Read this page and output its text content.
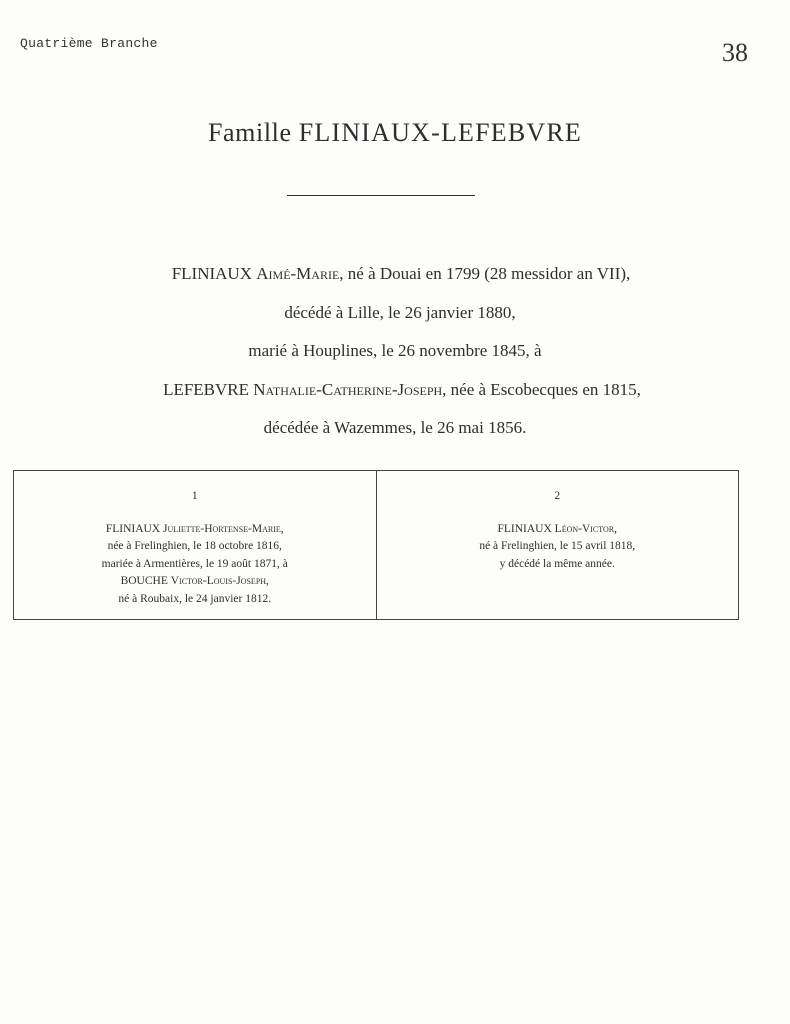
Quatrième Branche	38
Famille FLINIAUX-LEFEBVRE
FLINIAUX Aimé-Marie, né à Douai en 1799 (28 messidor an VII),
décédé à Lille, le 26 janvier 1880,
marié à Houplines, le 26 novembre 1845, à
LEFEBVRE Nathalie-Catherine-Joseph, née à Escobecques en 1815,
décédée à Wazemmes, le 26 mai 1856.
1
FLINIAUX Juliette-Hortense-Marie,
née à Frelinghien, le 18 octobre 1816,
mariée à Armentières, le 19 août 1871, à
BOUCHE Victor-Louis-Joseph,
né à Roubaix, le 24 janvier 1812.
2
FLINIAUX Léon-Victor,
né à Frelinghien, le 15 avril 1818,
y décédé la même année.
